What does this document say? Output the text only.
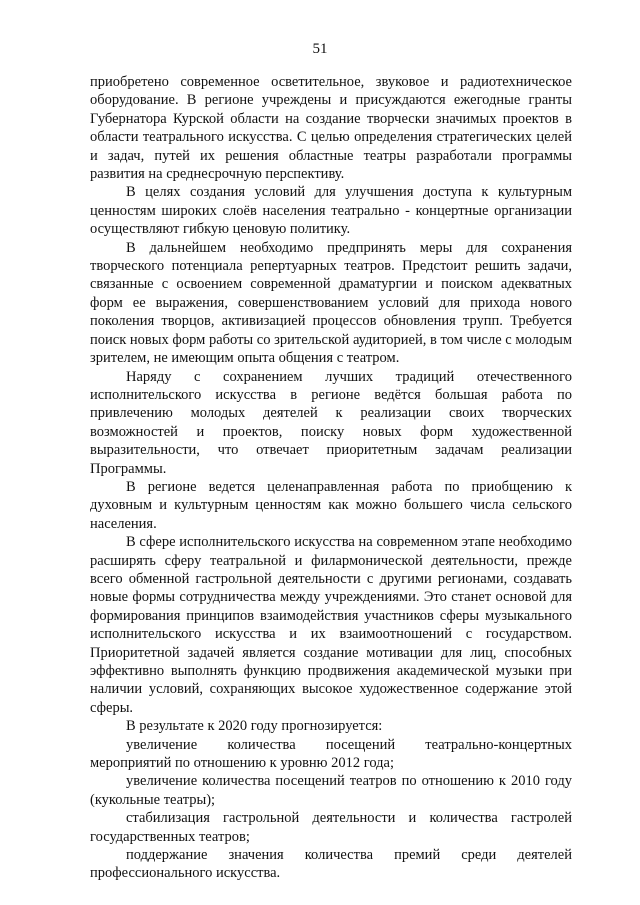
51

приобретено современное осветительное, звуковое и радиотехническое оборудование. В регионе учреждены и присуждаются ежегодные гранты Губернатора Курской области на создание творчески значимых проектов в области театрального искусства. С целью определения стратегических целей и задач, путей их решения областные театры разработали программы развития на среднесрочную перспективу.

В целях создания условий для улучшения доступа к культурным ценностям широких слоёв населения театрально - концертные организации осуществляют гибкую ценовую политику.

В дальнейшем необходимо предпринять меры для сохранения творческого потенциала репертуарных театров. Предстоит решить задачи, связанные с освоением современной драматургии и поиском адекватных форм ее выражения, совершенствованием условий для прихода нового поколения творцов, активизацией процессов обновления трупп. Требуется поиск новых форм работы со зрительской аудиторией, в том числе с молодым зрителем, не имеющим опыта общения с театром.

Наряду с сохранением лучших традиций отечественного исполнительского искусства в регионе ведётся большая работа по привлечению молодых деятелей к реализации своих творческих возможностей и проектов, поиску новых форм художественной выразительности, что отвечает приоритетным задачам реализации Программы.

В регионе ведется целенаправленная работа по приобщению к духовным и культурным ценностям как можно большего числа сельского населения.

В сфере исполнительского искусства на современном этапе необходимо расширять сферу театральной и филармонической деятельности, прежде всего обменной гастрольной деятельности с другими регионами, создавать новые формы сотрудничества между учреждениями. Это станет основой для формирования принципов взаимодействия участников сферы музыкального исполнительского искусства и их взаимоотношений с государством. Приоритетной задачей является создание мотивации для лиц, способных эффективно выполнять функцию продвижения академической музыки при наличии условий, сохраняющих высокое художественное содержание этой сферы.

В результате к 2020 году прогнозируется:

увеличение количества посещений театрально-концертных мероприятий по отношению к уровню 2012 года;

увеличение количества посещений театров по отношению к 2010 году (кукольные театры);

стабилизация гастрольной деятельности и количества гастролей государственных театров;

поддержание значения количества премий среди деятелей профессионального искусства.
